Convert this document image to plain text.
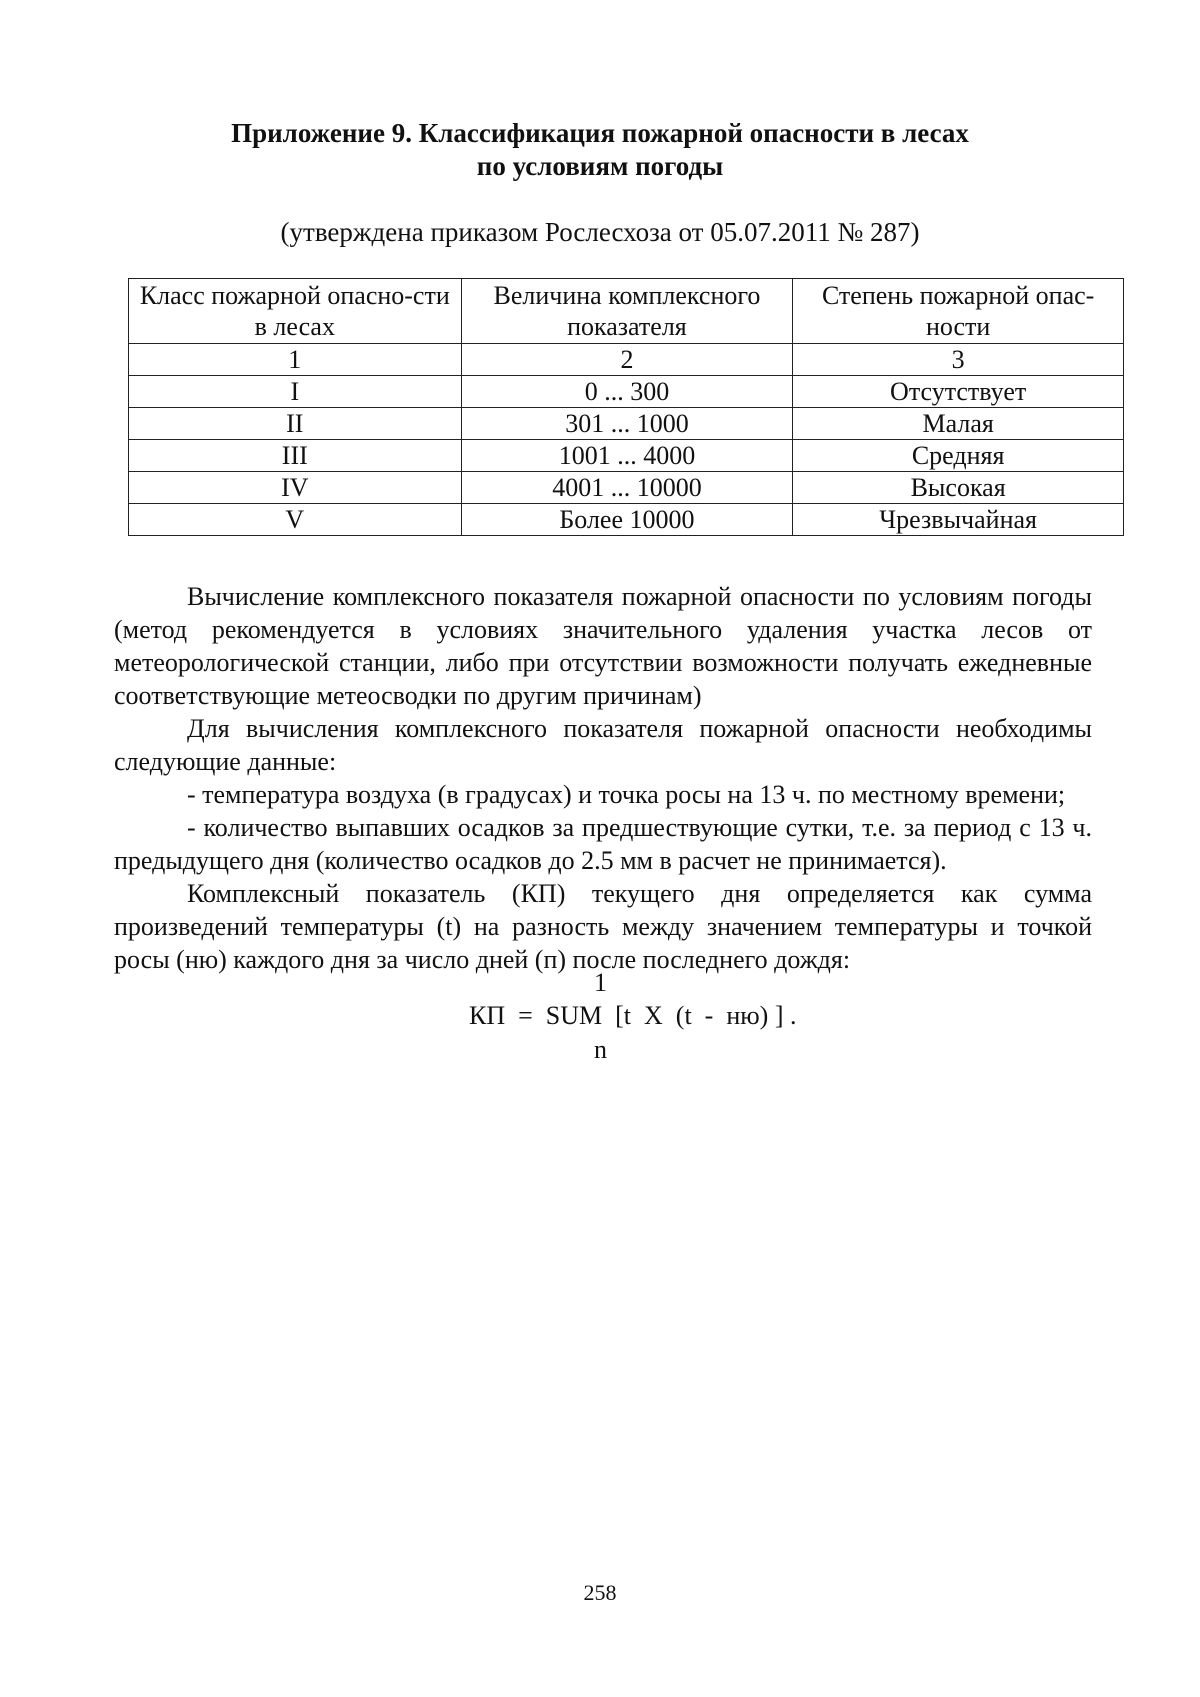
Приложение 9. Классификация пожарной опасности в лесах
по условиям погоды
(утверждена приказом Рослесхоза от 05.07.2011 № 287)
Класс пожарной опасно-сти в лесах	Величина комплексного показателя	Степень пожарной опас-ности
1	2	3
I	0 ... 300	Отсутствует
II	301 ... 1000	Малая
III	1001 ... 4000	Средняя
IV	4001 ... 10000	Высокая
V	Более 10000	Чрезвычайная

Вычисление комплексного показателя пожарной опасности по условиям погоды (метод рекомендуется в условиях значительного удаления участка лесов от метеорологической станции, либо при отсутствии возможности получать ежедневные соответствующие метеосводки по другим причинам)

Для вычисления комплексного показателя пожарной опасности необходимы следующие данные:

- температура воздуха (в градусах) и точка росы на 13 ч. по местному времени;

- количество выпавших осадков за предшествующие сутки, т.е. за период с 13 ч. предыдущего дня (количество осадков до 2.5 мм в расчет не принимается).

Комплексный показатель (КП) текущего дня определяется как сумма произведений температуры (t) на разность между значением температуры и точкой росы (ню) каждого дня за число дней (п) после последнего дождя:

1
КП  =  SUM  [t  X  (t  -  ню) ] .
n
258
